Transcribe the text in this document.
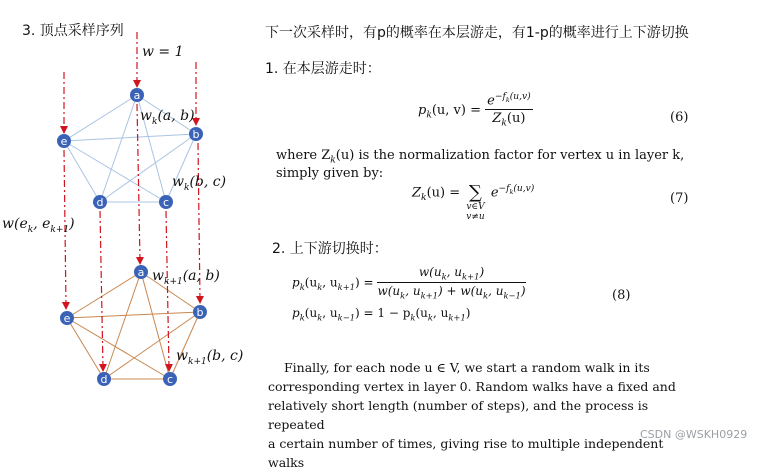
a
b
c
d
e
a
b
c
d
e
w = 1
$w_k(a$, b)
$w_k(b$, c)
$w(e_k$, $e_{k+1}$)
$w_{k+1}(a$, b)
$w_{k+1}(b$, c)
3. 顶点采样序列	下一次采样时，有p的概率在本层游走，有1-p的概率进行上下游切换
1. 在本层游走时：
$p_k(u$, $v) = \frac{e^{-f_k(u,v)}}{Z_k(u)}$	(6)
where $Z_k(u)$ is the normalization factor for vertex u in layer k,
simply given by:
$Z_k(u)$ = ∑
v∈V
v≠u
$e^{-f_k(u,v)}$
(7)
2. 上下游切换时：
$p_k(u_k$, $u_{k+1}) = \frac{w(u_k, u_{k+1})}{w(u_k, u_{k+1}) + w(u_k, u_{k-1})}$
$p_k(u_k$, $u_{k-1}) = 1 - p_k(u_k$, $u_{k+1}$)
(8)
Finally, for each node u ∈ V, we start a random walk in its
corresponding vertex in layer 0. Random walks have a fixed and
relatively short length (number of steps), and the process is repeated
a certain number of times, giving rise to multiple independent walks
CSDN @WSKH0929
